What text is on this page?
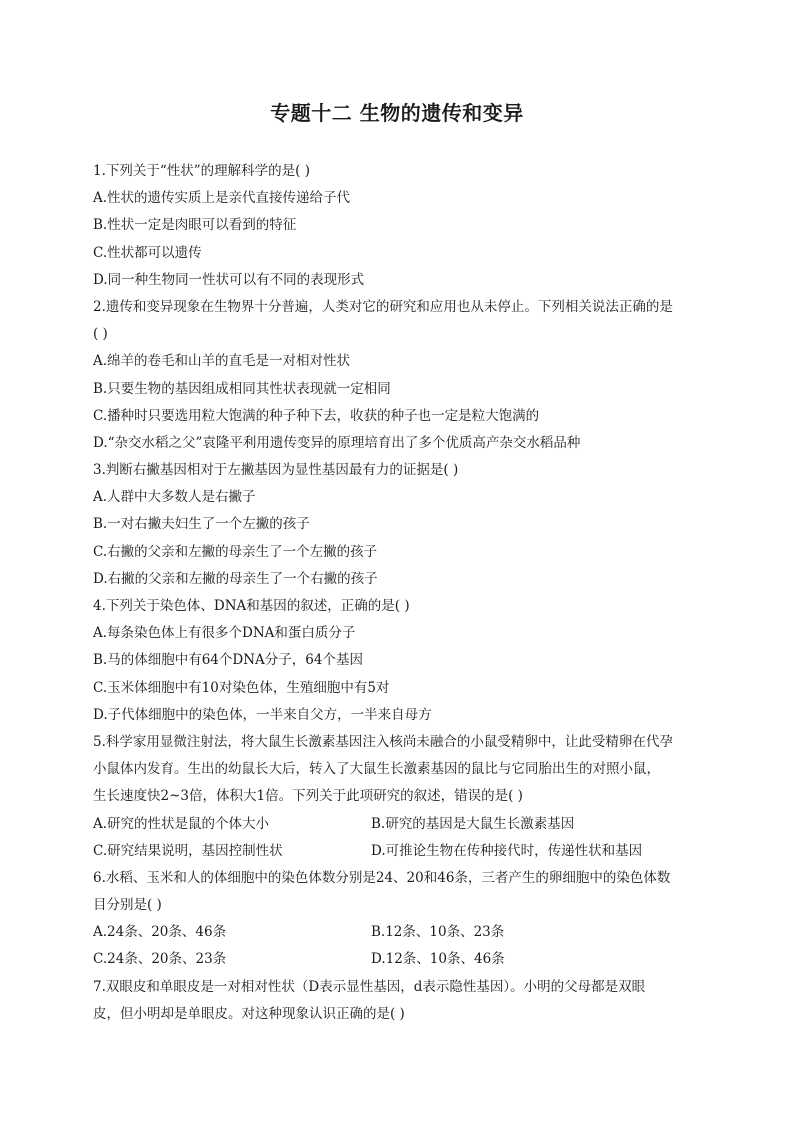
专题十二 生物的遗传和变异
1.下列关于“性状”的理解科学的是( )
A.性状的遗传实质上是亲代直接传递给子代
B.性状一定是肉眼可以看到的特征
C.性状都可以遗传
D.同一种生物同一性状可以有不同的表现形式
2.遗传和变异现象在生物界十分普遍，人类对它的研究和应用也从未停止。下列相关说法正确的是
( )
A.绵羊的卷毛和山羊的直毛是一对相对性状
B.只要生物的基因组成相同其性状表现就一定相同
C.播种时只要选用粒大饱满的种子种下去，收获的种子也一定是粒大饱满的
D.“杂交水稻之父”袁隆平利用遗传变异的原理培育出了多个优质高产杂交水稻品种
3.判断右撇基因相对于左撇基因为显性基因最有力的证据是( )
A.人群中大多数人是右撇子
B.一对右撇夫妇生了一个左撇的孩子
C.右撇的父亲和左撇的母亲生了一个左撇的孩子
D.右撇的父亲和左撇的母亲生了一个右撇的孩子
4.下列关于染色体、DNA和基因的叙述，正确的是( )
A.每条染色体上有很多个DNA和蛋白质分子
B.马的体细胞中有64个DNA分子，64个基因
C.玉米体细胞中有10对染色体，生殖细胞中有5对
D.子代体细胞中的染色体，一半来自父方，一半来自母方
5.科学家用显微注射法，将大鼠生长激素基因注入核尚未融合的小鼠受精卵中，让此受精卵在代孕
小鼠体内发育。生出的幼鼠长大后，转入了大鼠生长激素基因的鼠比与它同胎出生的对照小鼠，
生长速度快2~3倍，体积大1倍。下列关于此项研究的叙述，错误的是( )
A.研究的性状是鼠的个体大小	B.研究的基因是大鼠生长激素基因
C.研究结果说明，基因控制性状	D.可推论生物在传种接代时，传递性状和基因
6.水稻、玉米和人的体细胞中的染色体数分别是24、20和46条，三者产生的卵细胞中的染色体数
目分别是( )
A.24条、20条、46条	B.12条、10条、23条
C.24条、20条、23条	D.12条、10条、46条
7.双眼皮和单眼皮是一对相对性状（D表示显性基因，d表示隐性基因）。小明的父母都是双眼
皮，但小明却是单眼皮。对这种现象认识正确的是( )
